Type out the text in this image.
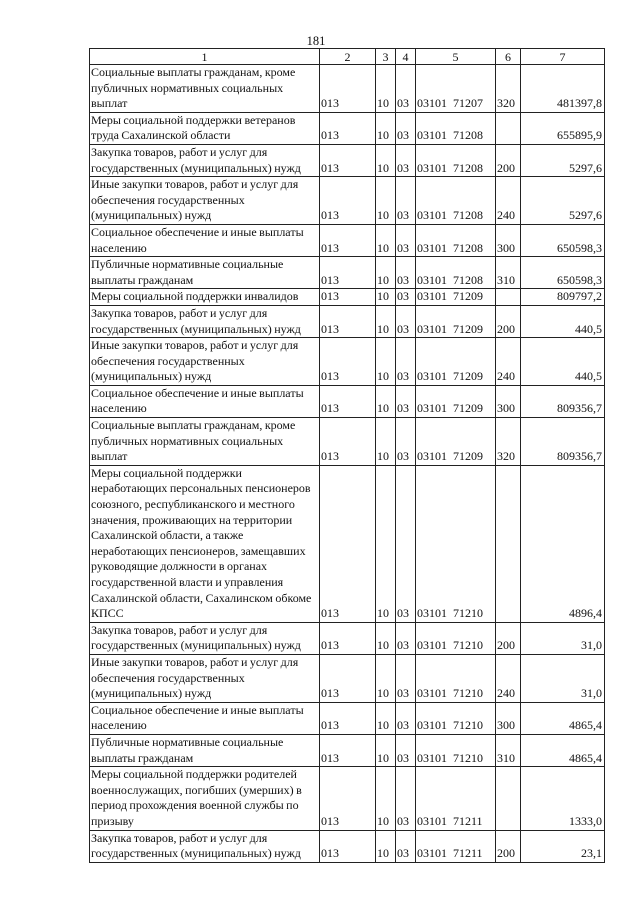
181
1	2	3	4	5	6	7
Социальные выплаты гражданам, кроме публичных нормативных социальных выплат	013	10	03	03101  71207	320	481397,8
Меры социальной поддержки ветеранов труда Сахалинской области	013	10	03	03101  71208		655895,9
Закупка товаров, работ и услуг для государственных (муниципальных) нужд	013	10	03	03101  71208	200	5297,6
Иные закупки товаров, работ и услуг для обеспечения государственных (муниципальных) нужд	013	10	03	03101  71208	240	5297,6
Социальное обеспечение и иные выплаты населению	013	10	03	03101  71208	300	650598,3
Публичные нормативные социальные выплаты гражданам	013	10	03	03101  71208	310	650598,3
Меры социальной поддержки инвалидов	013	10	03	03101  71209		809797,2
Закупка товаров, работ и услуг для государственных (муниципальных) нужд	013	10	03	03101  71209	200	440,5
Иные закупки товаров, работ и услуг для обеспечения государственных (муниципальных) нужд	013	10	03	03101  71209	240	440,5
Социальное обеспечение и иные выплаты населению	013	10	03	03101  71209	300	809356,7
Социальные выплаты гражданам, кроме публичных нормативных социальных выплат	013	10	03	03101  71209	320	809356,7
Меры социальной поддержки неработающих персональных пенсионеров союзного, республиканского и местного значения, проживающих на территории Сахалинской области, а также неработающих пенсионеров, замещавших руководящие должности в органах государственной власти и управления Сахалинской области, Сахалинском обкоме КПСС	013	10	03	03101  71210		4896,4
Закупка товаров, работ и услуг для государственных (муниципальных) нужд	013	10	03	03101  71210	200	31,0
Иные закупки товаров, работ и услуг для обеспечения государственных (муниципальных) нужд	013	10	03	03101  71210	240	31,0
Социальное обеспечение и иные выплаты населению	013	10	03	03101  71210	300	4865,4
Публичные нормативные социальные выплаты гражданам	013	10	03	03101  71210	310	4865,4
Меры социальной поддержки родителей военнослужащих, погибших (умерших) в период прохождения военной службы по призыву	013	10	03	03101  71211		1333,0
Закупка товаров, работ и услуг для государственных (муниципальных) нужд	013	10	03	03101  71211	200	23,1
